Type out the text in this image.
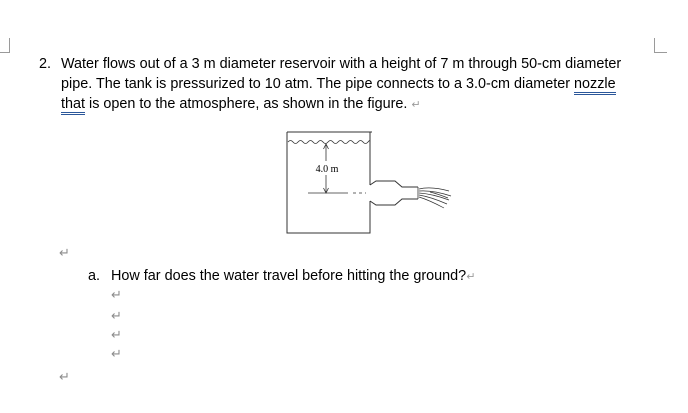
2. Water flows out of a 3 m diameter reservoir with a height of 7 m through 50-cm diameter
pipe. The tank is pressurized to 10 atm. The pipe connects to a 3.0-cm diameter nozzle
that is open to the atmosphere, as shown in the figure. ↵
4.0 m
↵
a. How far does the water travel before hitting the ground?↵
↵
↵
↵
↵
↵
